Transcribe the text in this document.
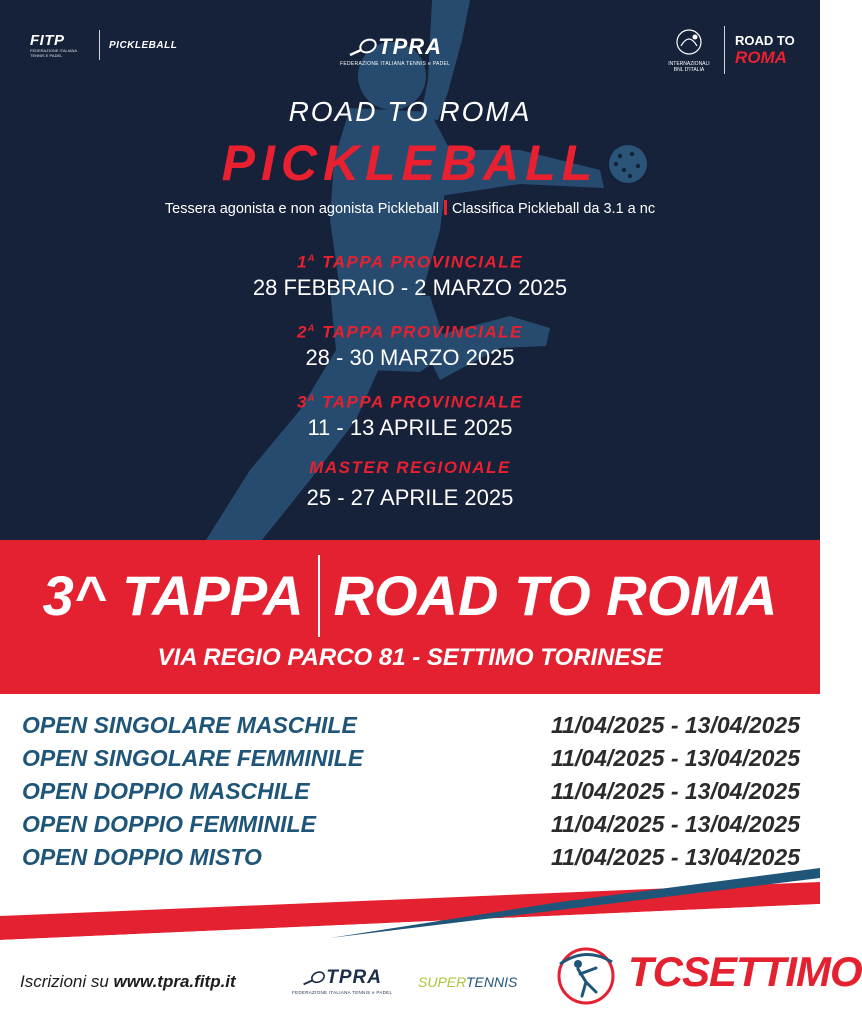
FITP
FEDERAZIONE ITALIANA TENNIS E PADEL
PICKLEBALL	TPRA
FEDERAZIONE ITALIANA TENNIS e PADEL	INTERNAZIONALI BNL D'ITALIA
ROAD TO
ROMA
ROAD TO ROMA
PICKLEBALL
Tessera agonista e non agonista Pickleball Classifica Pickleball da 3.1 a nc
$1^A$ TAPPA PROVINCIALE
28 FEBBRAIO - 2 MARZO 2025
$2^A$ TAPPA PROVINCIALE
28 - 30 MARZO 2025
$3^A$ TAPPA PROVINCIALE
11 - 13 APRILE 2025
MASTER REGIONALE
25 - 27 APRILE 2025
3^ TAPPA ROAD TO ROMA
VIA REGIO PARCO 81 - SETTIMO TORINESE
OPEN SINGOLARE MASCHILE	11/04/2025 - 13/04/2025
OPEN SINGOLARE FEMMINILE	11/04/2025 - 13/04/2025
OPEN DOPPIO MASCHILE	11/04/2025 - 13/04/2025
OPEN DOPPIO FEMMINILE	11/04/2025 - 13/04/2025
OPEN DOPPIO MISTO	11/04/2025 - 13/04/2025
Iscrizioni su www.tpra.fitp.it	TPRA
FEDERAZIONE ITALIANA TENNIS e PADEL
SUPERTENNIS	TCSETTIMO
